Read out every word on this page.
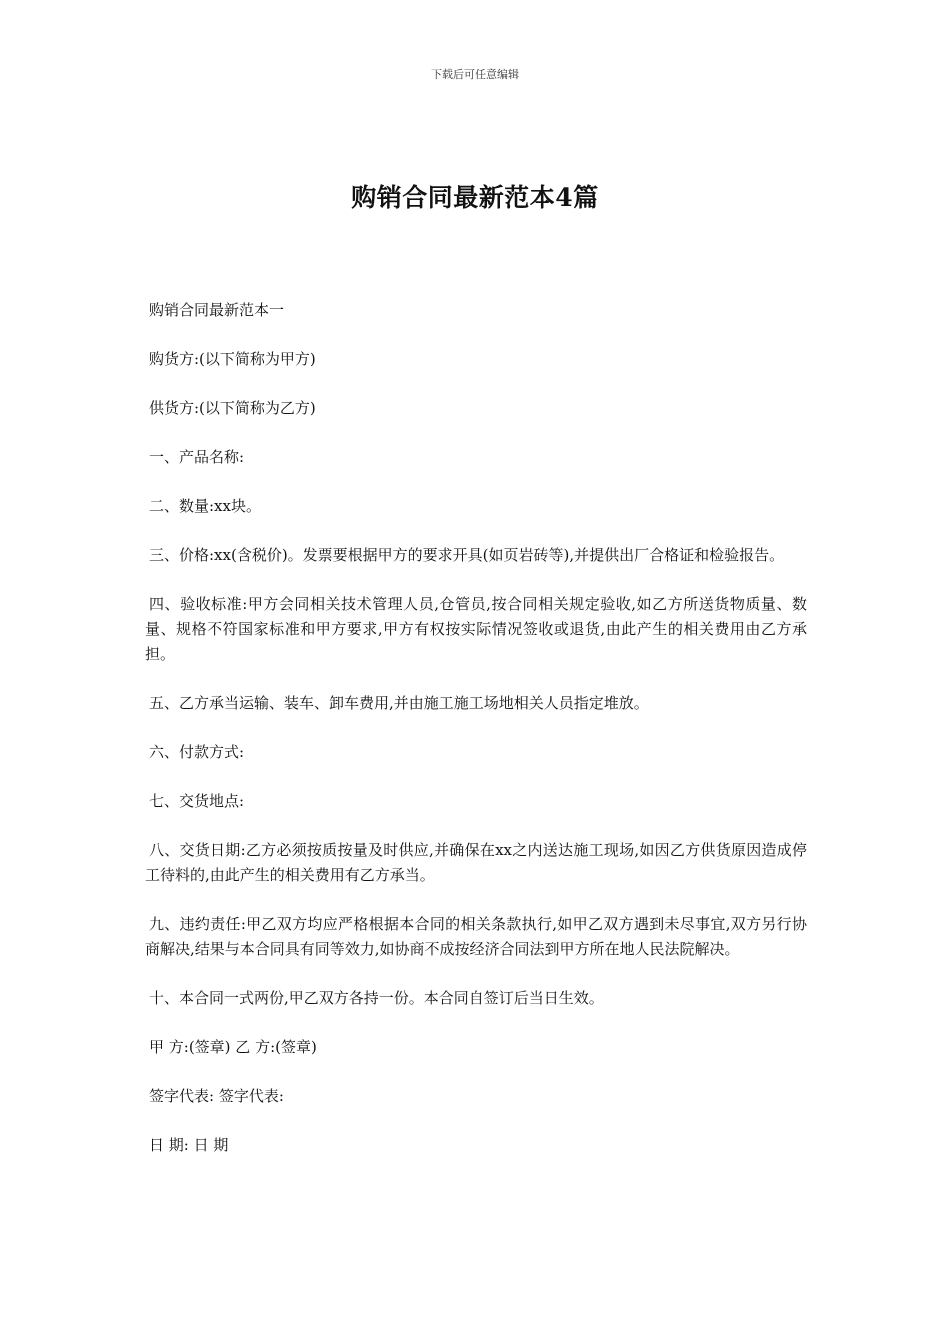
下载后可任意编辑
购销合同最新范本4篇

购销合同最新范本一

购货方:(以下简称为甲方)

供货方:(以下简称为乙方)

一、产品名称:

二、数量:xx块。

三、价格:xx(含税价)。发票要根据甲方的要求开具(如页岩砖等),并提供出厂合格证和检验报告。

四、验收标准:甲方会同相关技术管理人员,仓管员,按合同相关规定验收,如乙方所送货物质量、数量、规格不符国家标准和甲方要求,甲方有权按实际情况签收或退货,由此产生的相关费用由乙方承担。

五、乙方承当运输、装车、卸车费用,并由施工施工场地相关人员指定堆放。

六、付款方式:

七、交货地点:

八、交货日期:乙方必须按质按量及时供应,并确保在xx之内送达施工现场,如因乙方供货原因造成停工待料的,由此产生的相关费用有乙方承当。

九、违约责任:甲乙双方均应严格根据本合同的相关条款执行,如甲乙双方遇到未尽事宜,双方另行协商解决,结果与本合同具有同等效力,如协商不成按经济合同法到甲方所在地人民法院解决。

十、本合同一式两份,甲乙双方各持一份。本合同自签订后当日生效。

甲 方:(签章) 乙 方:(签章)

签字代表: 签字代表:

日 期: 日 期
